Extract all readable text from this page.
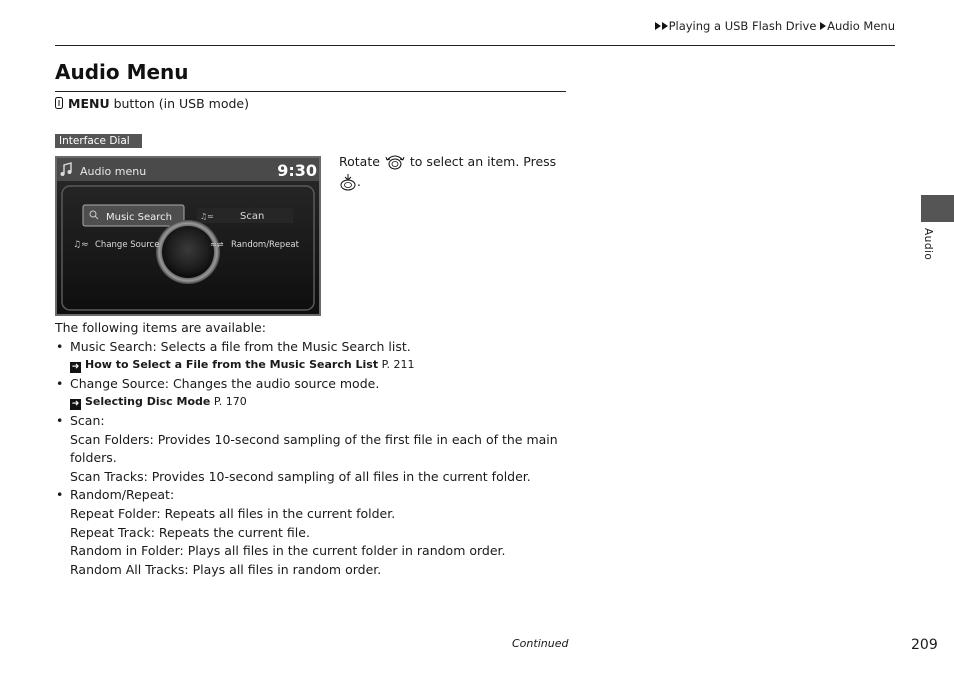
Playing a USB Flash Drive Audio Menu
Audio Menu
MENU button (in USB mode)
Interface Dial
Audio menu	9:30
Music Search	♫≈	Scan
♫≈ Change Source	≈⇌ Random/Repeat
Rotate  to select an item. Press
.

The following items are available:

• Music Search: Selects a file from the Music Search list.
➜ How to Select a File from the Music Search List P. 211
• Change Source: Changes the audio source mode.
➜ Selecting Disc Mode P. 170
• Scan:
Scan Folders: Provides 10-second sampling of the first file in each of the main folders.
Scan Tracks: Provides 10-second sampling of all files in the current folder.
• Random/Repeat:
Repeat Folder: Repeats all files in the current folder.
Repeat Track: Repeats the current file.
Random in Folder: Plays all files in the current folder in random order.
Random All Tracks: Plays all files in random order.
Continued	209
Audio
